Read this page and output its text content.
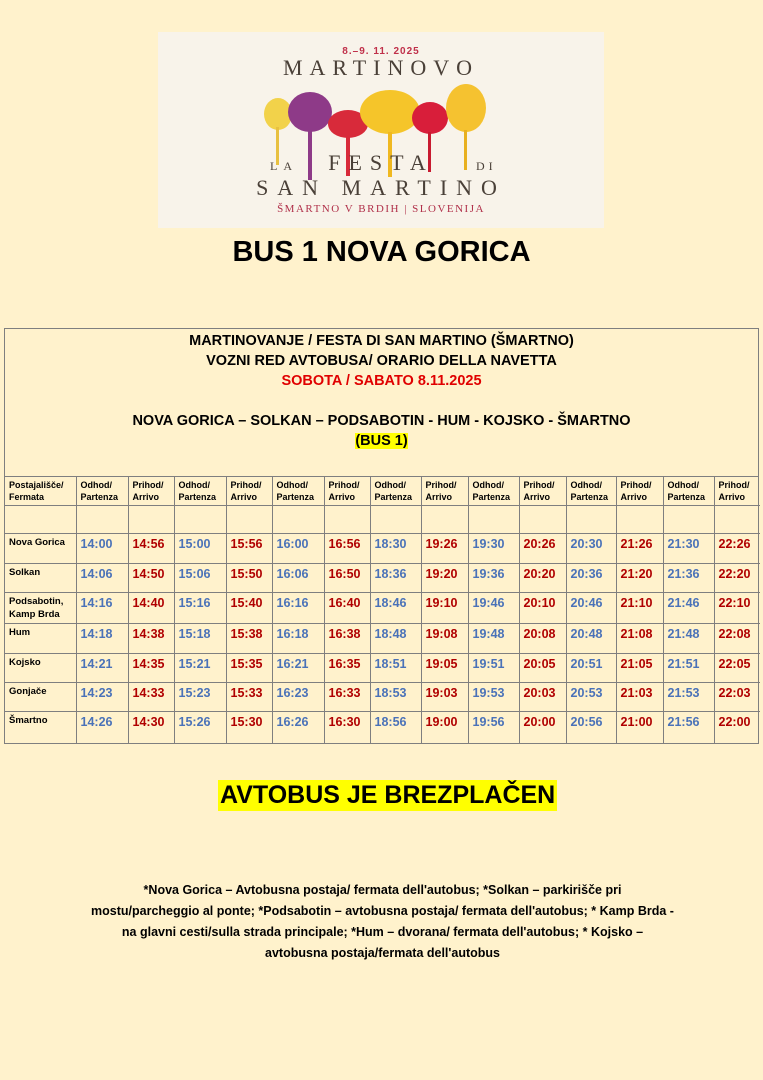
8.–9. 11. 2025
MARTINOVO
LA FESTA	DI
SAN MARTINO
ŠMARTNO V BRDIH | SLOVENIJA
BUS 1 NOVA GORICA
MARTINOVANJE / FESTA DI SAN MARTINO (ŠMARTNO)
VOZNI RED AVTOBUSA/ ORARIO DELLA NAVETTA
SOBOTA / SABATO 8.11.2025
NOVA GORICA – SOLKAN – PODSABOTIN - HUM - KOJSKO - ŠMARTNO
(BUS 1)
Postajališče/ Fermata	Odhod/ Partenza	Prihod/ Arrivo	Odhod/ Partenza	Prihod/ Arrivo	Odhod/ Partenza	Prihod/ Arrivo	Odhod/ Partenza	Prihod/ Arrivo	Odhod/ Partenza	Prihod/ Arrivo	Odhod/ Partenza	Prihod/ Arrivo	Odhod/ Partenza	Prihod/ Arrivo

Nova Gorica	14:00	14:56	15:00	15:56	16:00	16:56	18:30	19:26	19:30	20:26	20:30	21:26	21:30	22:26
Solkan	14:06	14:50	15:06	15:50	16:06	16:50	18:36	19:20	19:36	20:20	20:36	21:20	21:36	22:20
Podsabotin, Kamp Brda	14:16	14:40	15:16	15:40	16:16	16:40	18:46	19:10	19:46	20:10	20:46	21:10	21:46	22:10
Hum	14:18	14:38	15:18	15:38	16:18	16:38	18:48	19:08	19:48	20:08	20:48	21:08	21:48	22:08
Kojsko	14:21	14:35	15:21	15:35	16:21	16:35	18:51	19:05	19:51	20:05	20:51	21:05	21:51	22:05
Gonjače	14:23	14:33	15:23	15:33	16:23	16:33	18:53	19:03	19:53	20:03	20:53	21:03	21:53	22:03
Šmartno	14:26	14:30	15:26	15:30	16:26	16:30	18:56	19:00	19:56	20:00	20:56	21:00	21:56	22:00
AVTOBUS JE BREZPLAČEN
*Nova Gorica – Avtobusna postaja/ fermata dell'autobus; *Solkan – parkirišče pri mostu/parcheggio al ponte; *Podsabotin – avtobusna postaja/ fermata dell'autobus; * Kamp Brda - na glavni cesti/sulla strada principale; *Hum – dvorana/ fermata dell'autobus; * Kojsko – avtobusna postaja/fermata dell'autobus
